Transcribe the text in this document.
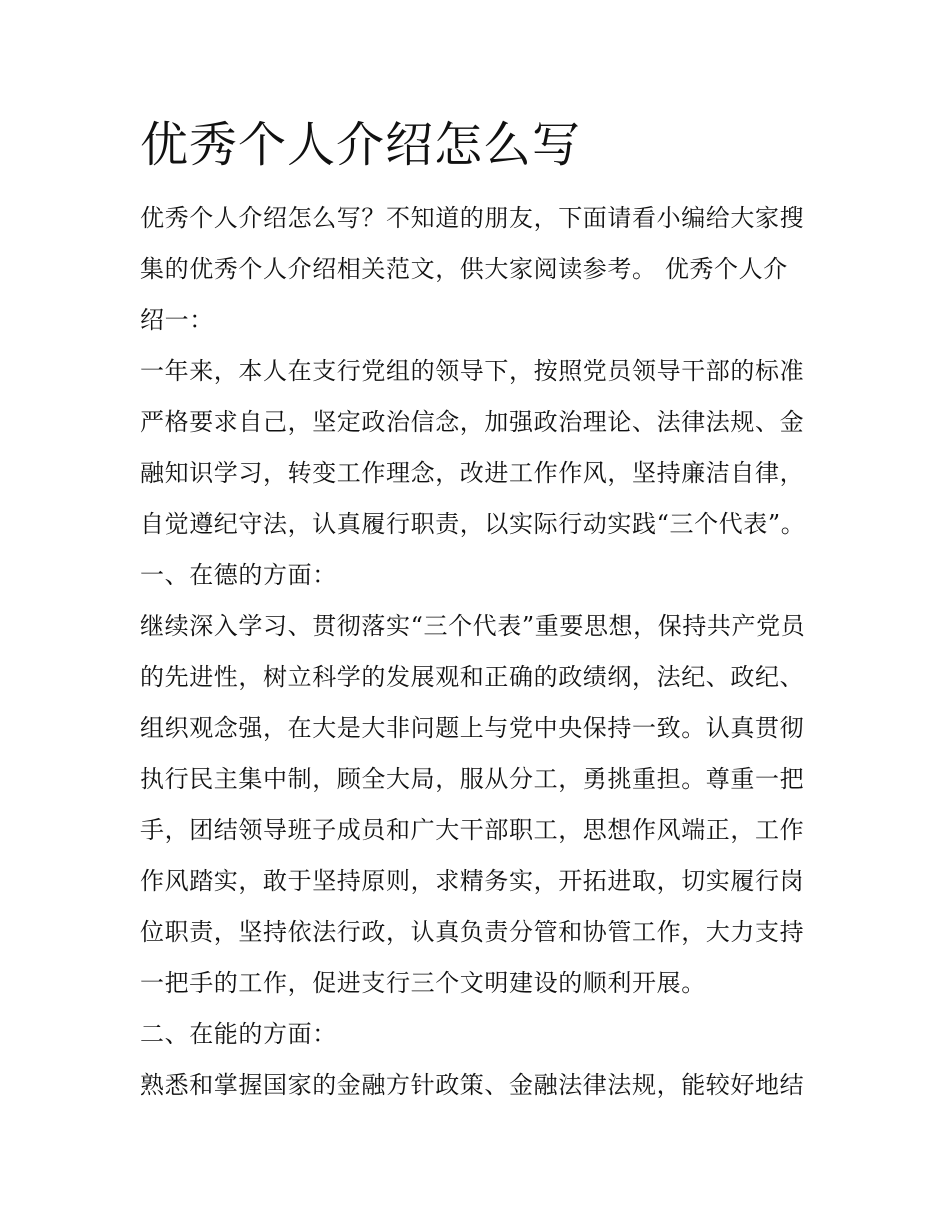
优秀个人介绍怎么写
优秀个人介绍怎么写？不知道的朋友，下面请看小编给大家搜
集的优秀个人介绍相关范文，供大家阅读参考。 优秀个人介
绍一：
一年来，本人在支行党组的领导下，按照党员领导干部的标准
严格要求自己，坚定政治信念，加强政治理论、法律法规、金
融知识学习，转变工作理念，改进工作作风，坚持廉洁自律，
自觉遵纪守法，认真履行职责，以实际行动实践“三个代表”。
一、在德的方面：
继续深入学习、贯彻落实“三个代表”重要思想，保持共产党员
的先进性，树立科学的发展观和正确的政绩纲，法纪、政纪、
组织观念强，在大是大非问题上与党中央保持一致。认真贯彻
执行民主集中制，顾全大局，服从分工，勇挑重担。尊重一把
手，团结领导班子成员和广大干部职工，思想作风端正，工作
作风踏实，敢于坚持原则，求精务实，开拓进取，切实履行岗
位职责，坚持依法行政，认真负责分管和协管工作，大力支持
一把手的工作，促进支行三个文明建设的顺利开展。
二、在能的方面：
熟悉和掌握国家的金融方针政策、金融法律法规，能较好地结
